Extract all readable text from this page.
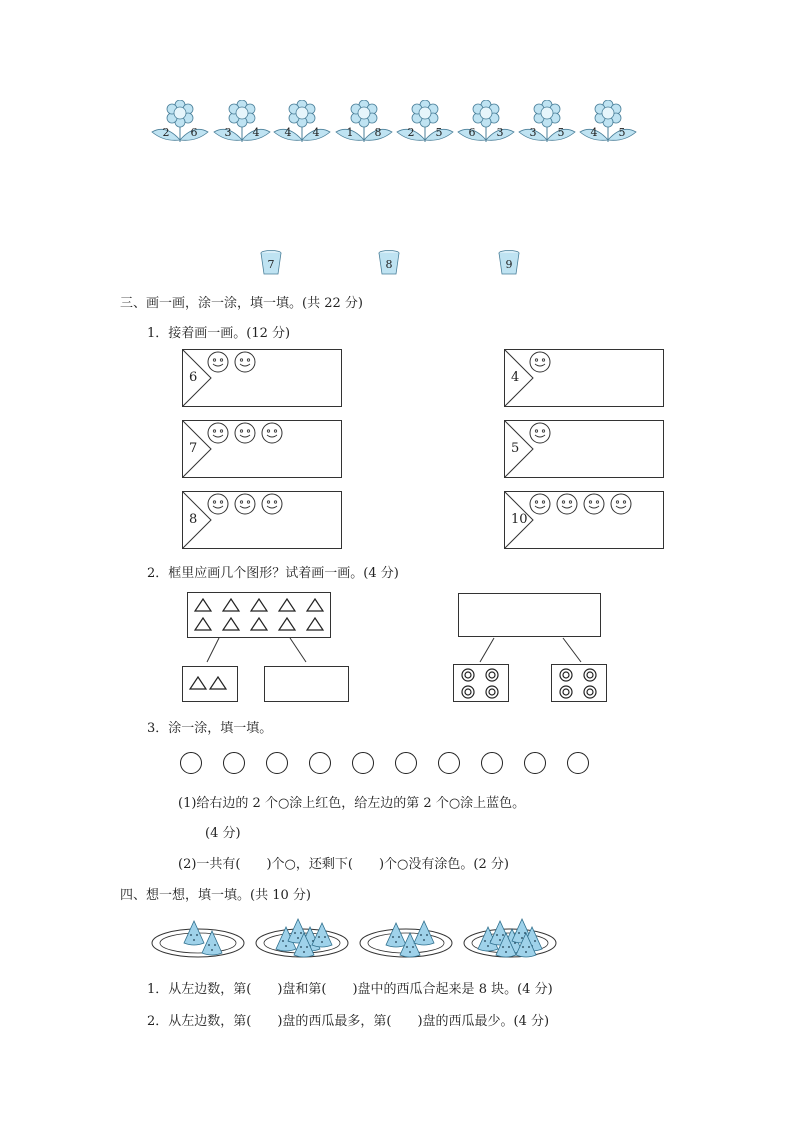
2	6	3	4	4	4	1	8	2	5	6	3	3	5	4	5
7	8	9
三、画一画，涂一涂，填一填。(共 22 分)
1．接着画一画。(12 分)
6	4
7	5
8	10
2．框里应画几个图形？试着画一画。(4 分)
3．涂一涂，填一填。
(1)给右边的 2 个○涂上红色，给左边的第 2 个○涂上蓝色。
(4 分)
(2)一共有(　　)个○，还剩下(　　)个○没有涂色。(2 分)
四、想一想，填一填。(共 10 分)
1．从左边数，第(　　)盘和第(　　)盘中的西瓜合起来是 8 块。(4 分)
2．从左边数，第(　　)盘的西瓜最多，第(　　)盘的西瓜最少。(4 分)
